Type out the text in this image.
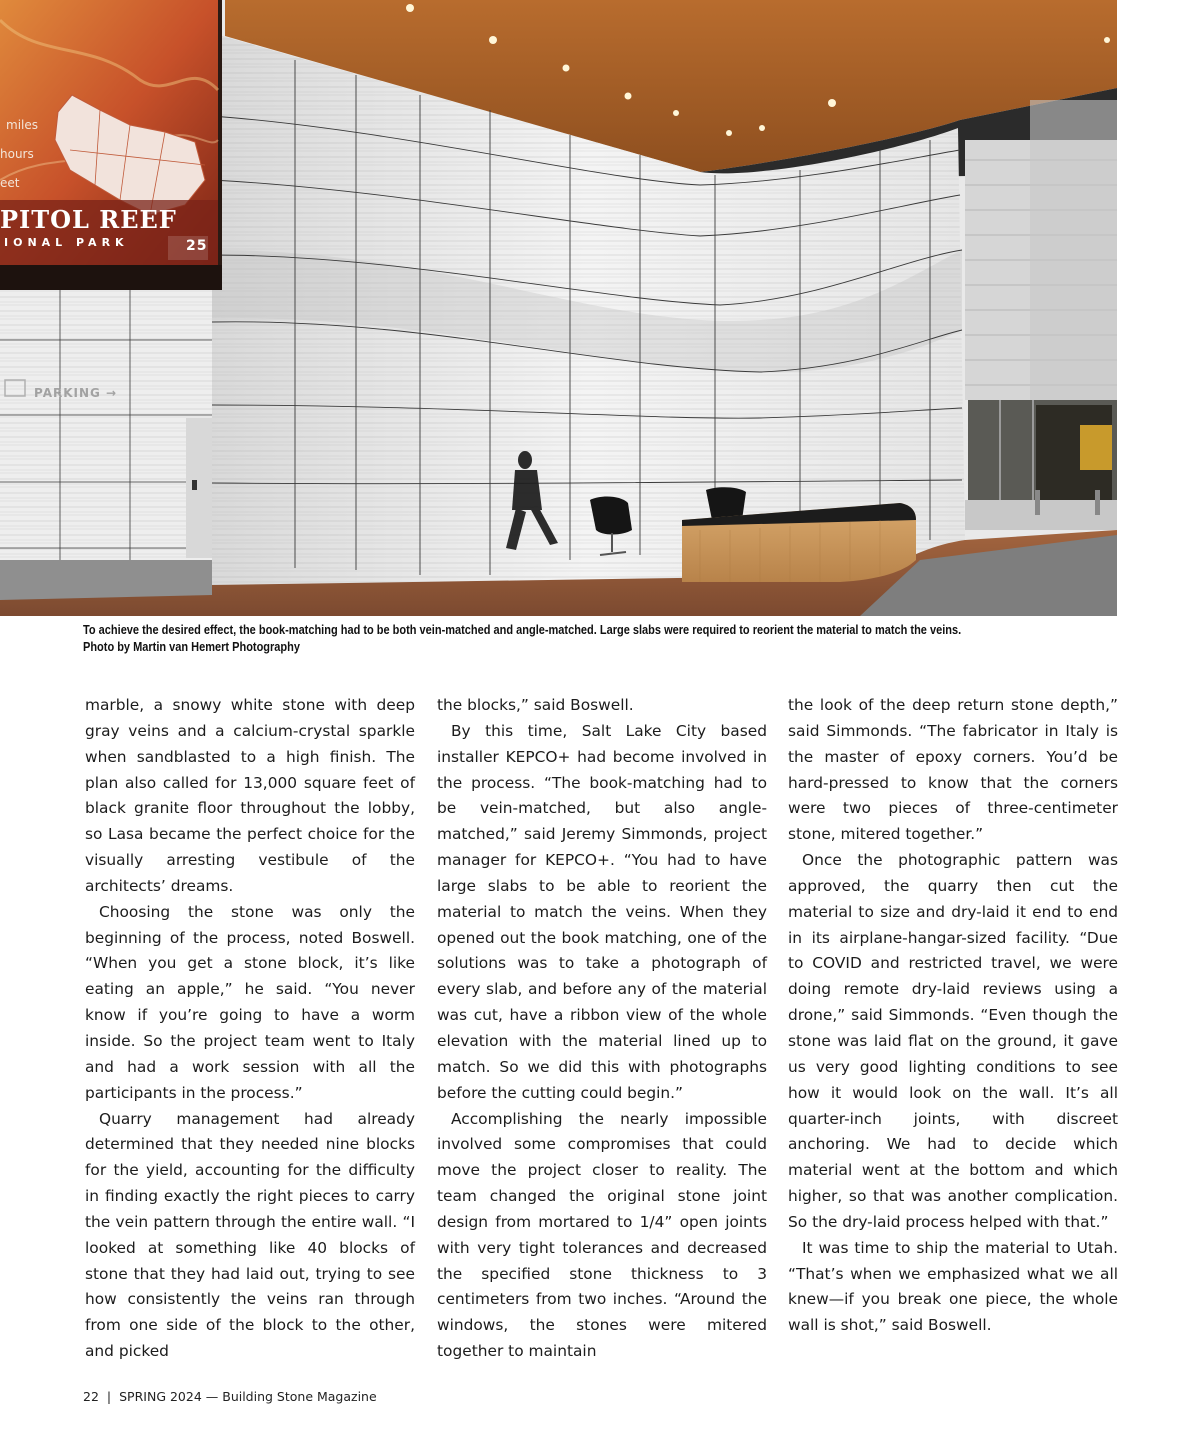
miles
hours
eet
PITOL REEF
IONAL PARK	25
PARKING →
To achieve the desired effect, the book-matching had to be both vein-matched and angle-matched. Large slabs were required to reorient the material to match the veins.
Photo by Martin van Hemert Photography

marble, a snowy white stone with deep gray veins and a calcium-crystal sparkle when sandblasted to a high finish. The plan also called for 13,000 square feet of black granite floor throughout the lobby, so Lasa became the perfect choice for the visually arresting vestibule of the architects’ dreams.

Choosing the stone was only the beginning of the process, noted Boswell. “When you get a stone block, it’s like eating an apple,” he said. “You never know if you’re going to have a worm inside. So the project team went to Italy and had a work session with all the participants in the process.”

Quarry management had already determined that they needed nine blocks for the yield, accounting for the difficulty in finding exactly the right pieces to carry the vein pattern through the entire wall. “I looked at something like 40 blocks of stone that they had laid out, trying to see how consistently the veins ran through from one side of the block to the other, and picked

the blocks,” said Boswell.

By this time, Salt Lake City based installer KEPCO+ had become involved in the process. “The book-matching had to be vein-matched, but also angle-matched,” said Jeremy Simmonds, project manager for KEPCO+. “You had to have large slabs to be able to reorient the material to match the veins. When they opened out the book matching, one of the solutions was to take a photograph of every slab, and before any of the material was cut, have a ribbon view of the whole elevation with the material lined up to match. So we did this with photographs before the cutting could begin.”

Accomplishing the nearly impossible involved some compromises that could move the project closer to reality. The team changed the original stone joint design from mortared to 1/4” open joints with very tight tolerances and decreased the specified stone thickness to 3 centimeters from two inches. “Around the windows, the stones were mitered together to maintain

the look of the deep return stone depth,” said Simmonds. “The fabricator in Italy is the master of epoxy corners. You’d be hard-pressed to know that the corners were two pieces of three-centimeter stone, mitered together.”

Once the photographic pattern was approved, the quarry then cut the material to size and dry-laid it end to end in its airplane-hangar-sized facility. “Due to COVID and restricted travel, we were doing remote dry-laid reviews using a drone,” said Simmonds. “Even though the stone was laid flat on the ground, it gave us very good lighting conditions to see how it would look on the wall. It’s all quarter-inch joints, with discreet anchoring. We had to decide which material went at the bottom and which higher, so that was another complication. So the dry-laid process helped with that.”

It was time to ship the material to Utah. “That’s when we emphasized what we all knew—if you break one piece, the whole wall is shot,” said Boswell.

22 | SPRING 2024 — Building Stone Magazine
